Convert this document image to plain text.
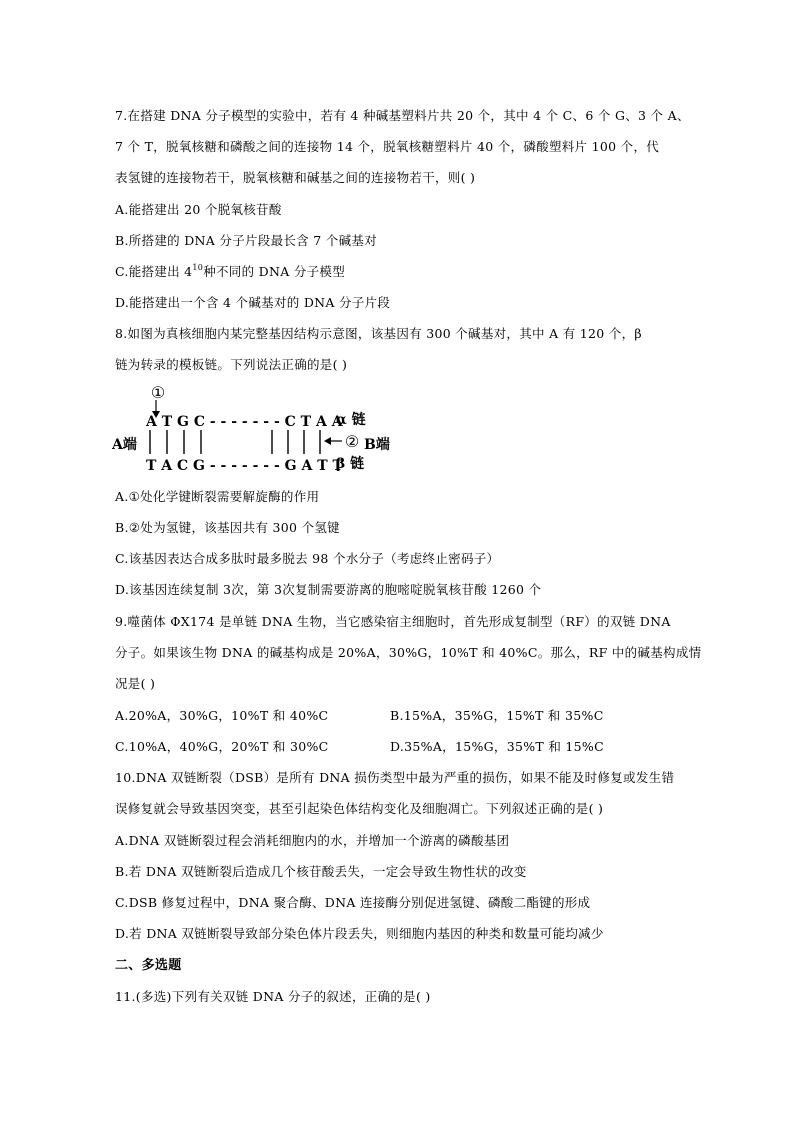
7.在搭建 DNA 分子模型的实验中，若有 4 种碱基塑料片共 20 个，其中 4 个 C、6 个 G、3 个 A、
7 个 T，脱氧核糖和磷酸之间的连接物 14 个，脱氧核糖塑料片 40 个，磷酸塑料片 100 个，代
表氢键的连接物若干，脱氧核糖和碱基之间的连接物若干，则( )
A.能搭建出 20 个脱氧核苷酸
B.所搭建的 DNA 分子片段最长含 7 个碱基对
C.能搭建出 $4^{10}$种不同的 DNA 分子模型
D.能搭建出一个含 4 个碱基对的 DNA 分子片段
8.如图为真核细胞内某完整基因结构示意图，该基因有 300 个碱基对，其中 A 有 120 个，β
链为转录的模板链。下列说法正确的是( )
①
A T G C - - - - - - - C T A A
α 链
② B端
A端
T A C G - - - - - - - G A T T
β 链
A.①处化学键断裂需要解旋酶的作用
B.②处为氢键，该基因共有 300 个氢键
C.该基因表达合成多肽时最多脱去 98 个水分子（考虑终止密码子）
D.该基因连续复制 3次，第 3次复制需要游离的胞嘧啶脱氧核苷酸 1260 个
9.噬菌体 ΦX174 是单链 DNA 生物，当它感染宿主细胞时，首先形成复制型（RF）的双链 DNA
分子。如果该生物 DNA 的碱基构成是 20%A，30%G，10%T 和 40%C。那么，RF 中的碱基构成情
况是( )
A.20%A，30%G，10%T 和 40%C	B.15%A，35%G，15%T 和 35%C
C.10%A，40%G，20%T 和 30%C	D.35%A，15%G，35%T 和 15%C
10.DNA 双链断裂（DSB）是所有 DNA 损伤类型中最为严重的损伤，如果不能及时修复或发生错
误修复就会导致基因突变，甚至引起染色体结构变化及细胞凋亡。下列叙述正确的是( )
A.DNA 双链断裂过程会消耗细胞内的水，并增加一个游离的磷酸基团
B.若 DNA 双链断裂后造成几个核苷酸丢失，一定会导致生物性状的改变
C.DSB 修复过程中，DNA 聚合酶、DNA 连接酶分别促进氢键、磷酸二酯键的形成
D.若 DNA 双链断裂导致部分染色体片段丢失，则细胞内基因的种类和数量可能均减少
二、多选题
11.(多选)下列有关双链 DNA 分子的叙述，正确的是( )
